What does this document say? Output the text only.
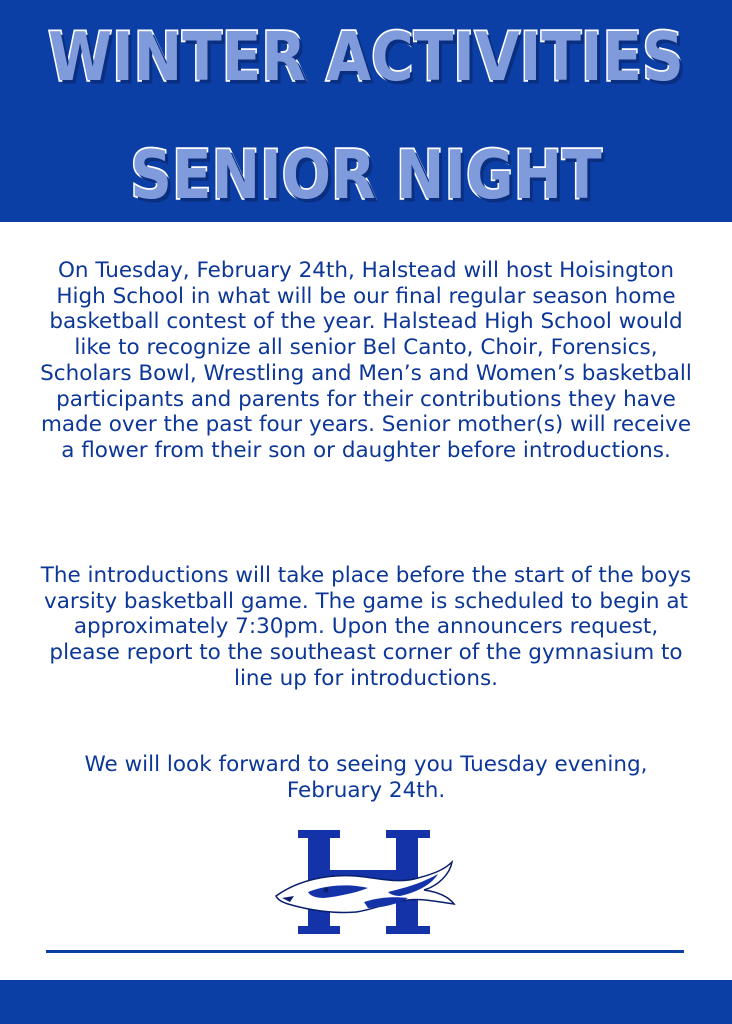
WINTER ACTIVITIES
SENIOR NIGHT
On Tuesday, February 24th, Halstead will host Hoisington High School in what will be our final regular season home basketball contest of the year. Halstead High School would like to recognize all senior Bel Canto, Choir, Forensics, Scholars Bowl, Wrestling and Men’s and Women’s basketball participants and parents for their contributions they have made over the past four years. Senior mother(s) will receive a flower from their son or daughter before introductions.
The introductions will take place before the start of the boys varsity basketball game. The game is scheduled to begin at approximately 7:30pm. Upon the announcers request, please report to the southeast corner of the gymnasium to line up for introductions.
We will look forward to seeing you Tuesday evening, February 24th.
